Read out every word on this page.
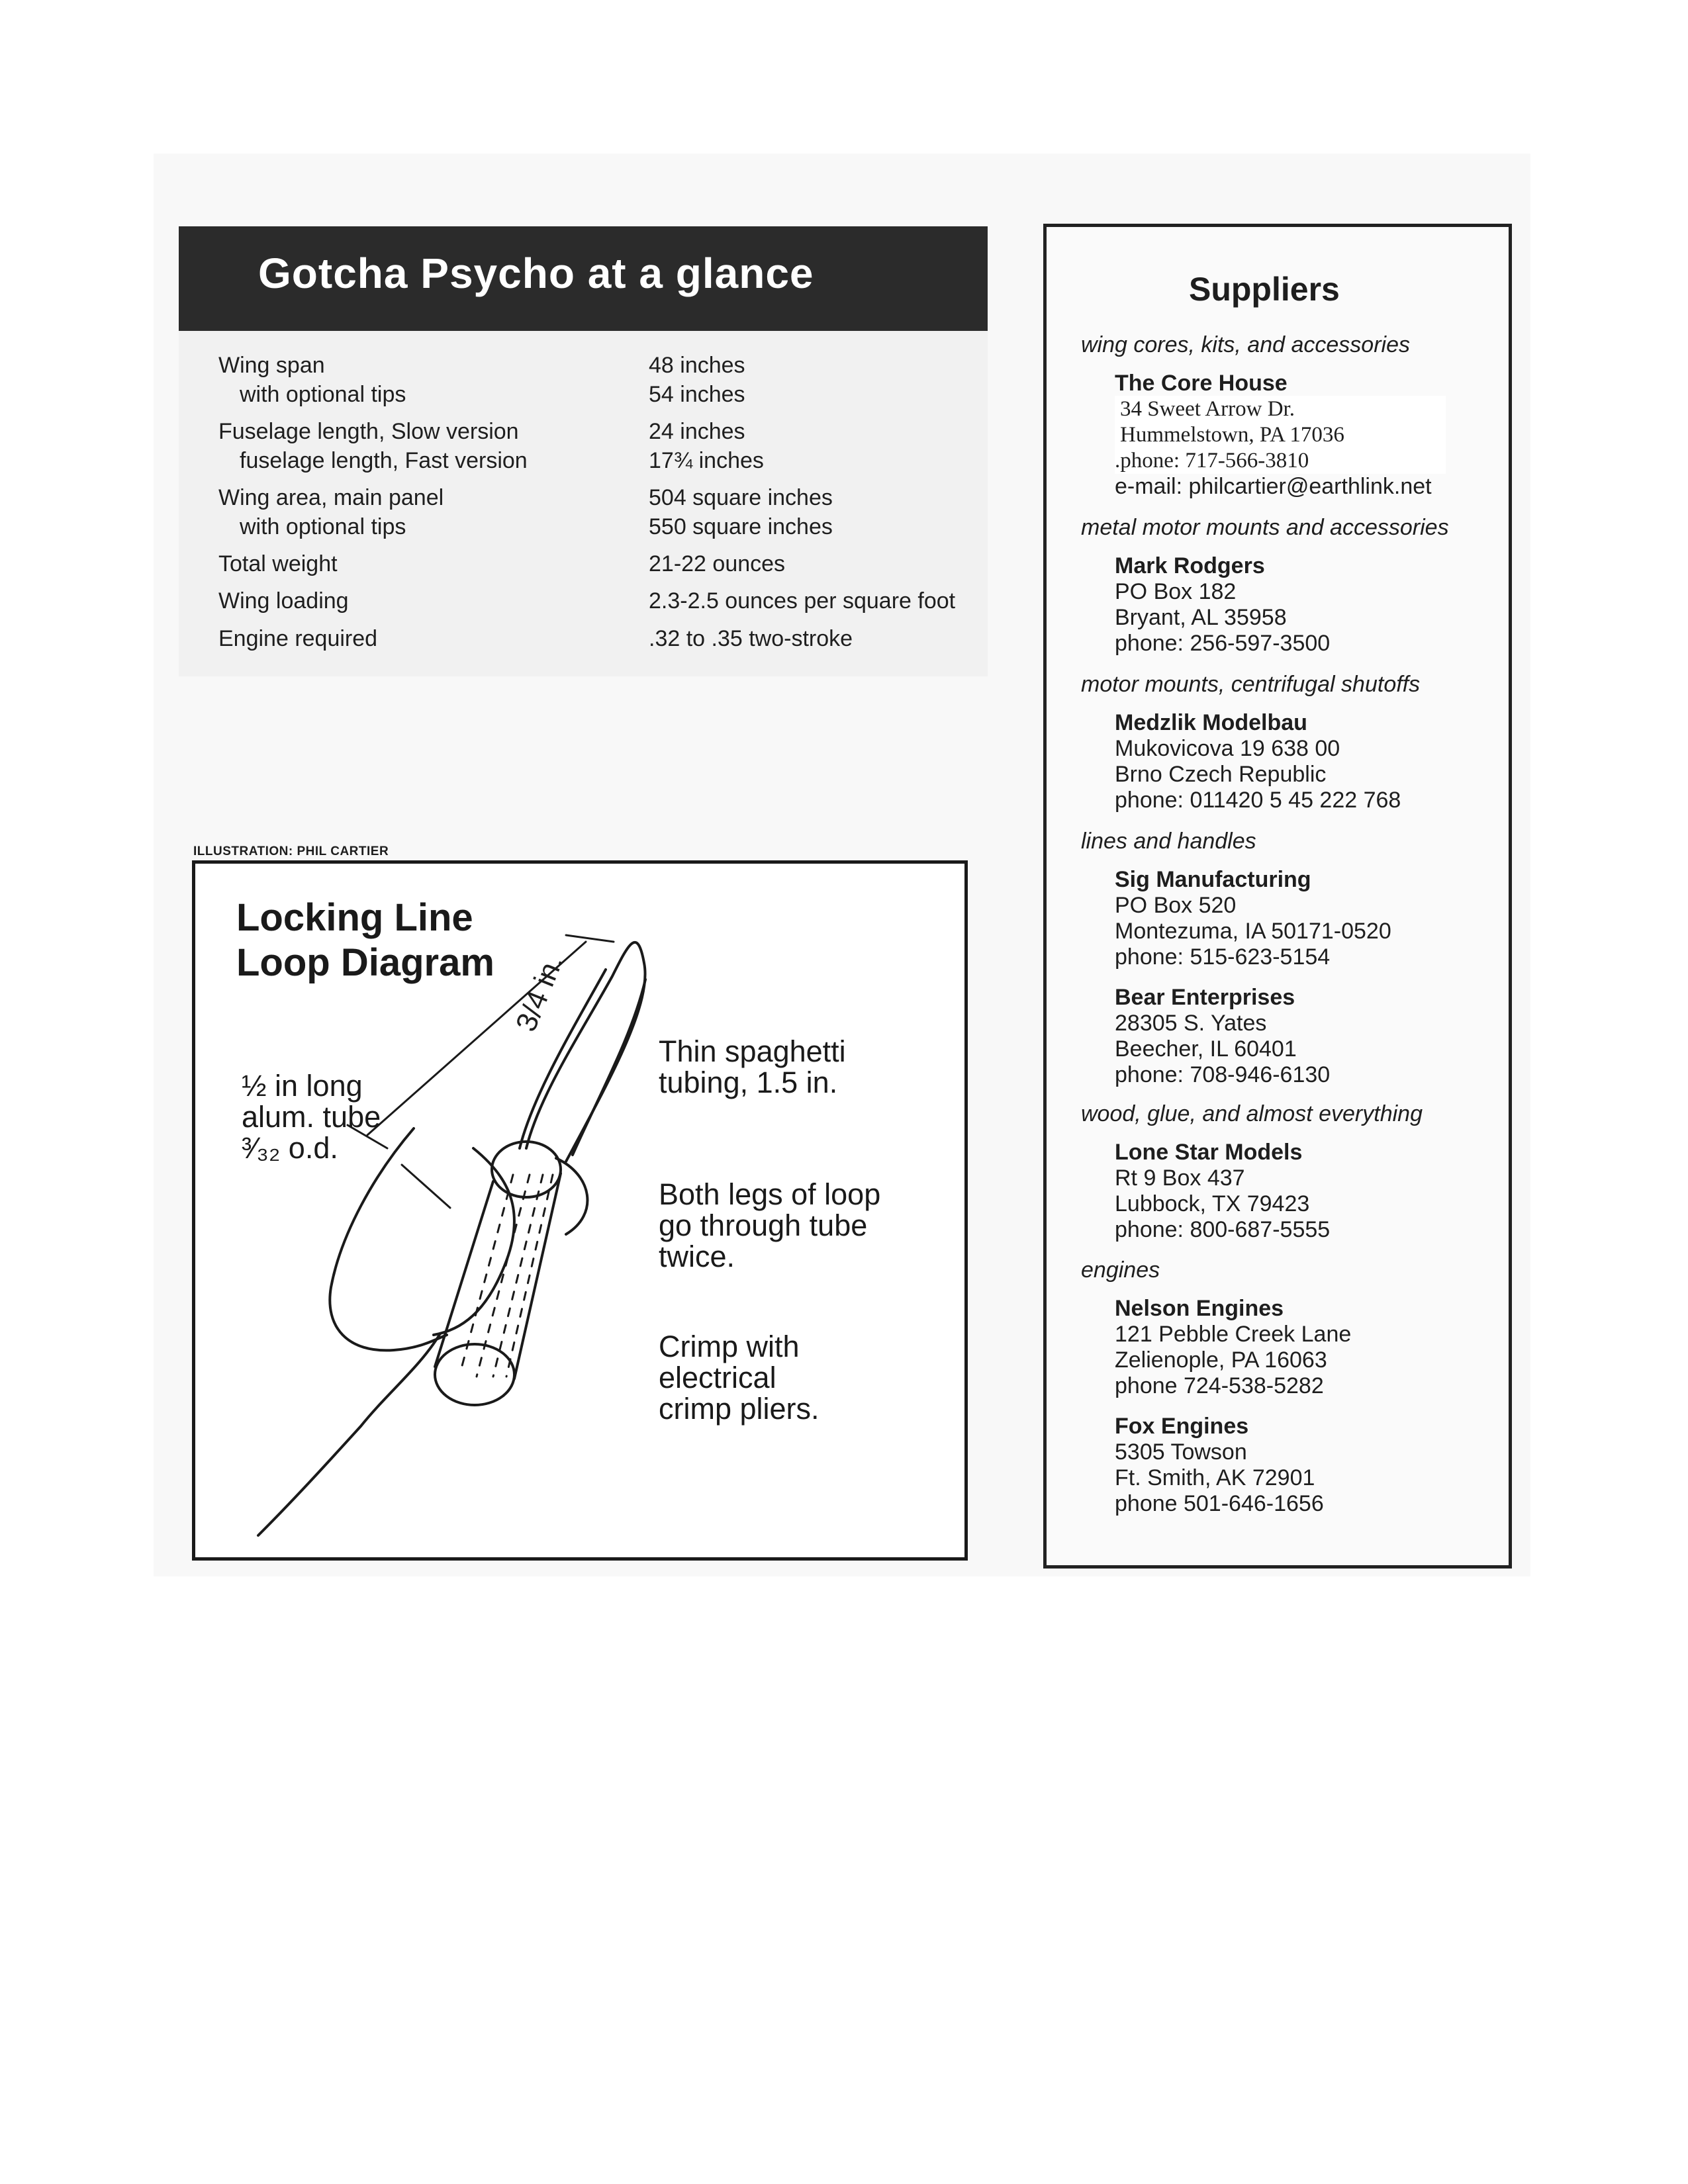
Gotcha Psycho at a glance
Wing span	48 inches
with optional tips	54 inches
Fuselage length, Slow version	24 inches
fuselage length, Fast version	17¾ inches
Wing area, main panel	504 square inches
with optional tips	550 square inches
Total weight	21-22 ounces
Wing loading	2.3-2.5 ounces per square foot
Engine required	.32 to .35 two-stroke
ILLUSTRATION: PHIL CARTIER
Locking Line
Loop Diagram 3/4 in.
½ in long
alum. tube
³⁄₃₂ o.d.
Thin spaghetti
tubing, 1.5 in.
Both legs of loop
go through tube
twice.
Crimp with
electrical
crimp pliers.
Suppliers
wing cores, kits, and accessories
The Core House
34 Sweet Arrow Dr.
Hummelstown, PA 17036
.phone: 717-566-3810
e-mail: philcartier@earthlink.net
metal motor mounts and accessories
Mark Rodgers
PO Box 182
Bryant, AL 35958
phone: 256-597-3500
motor mounts, centrifugal shutoffs
Medzlik Modelbau
Mukovicova 19 638 00
Brno Czech Republic
phone: 011420 5 45 222 768
lines and handles
Sig Manufacturing
PO Box 520
Montezuma, IA 50171-0520
phone: 515-623-5154
Bear Enterprises
28305 S. Yates
Beecher, IL 60401
phone: 708-946-6130
wood, glue, and almost everything
Lone Star Models
Rt 9 Box 437
Lubbock, TX 79423
phone: 800-687-5555
engines
Nelson Engines
121 Pebble Creek Lane
Zelienople, PA 16063
phone 724-538-5282
Fox Engines
5305 Towson
Ft. Smith, AK 72901
phone 501-646-1656
